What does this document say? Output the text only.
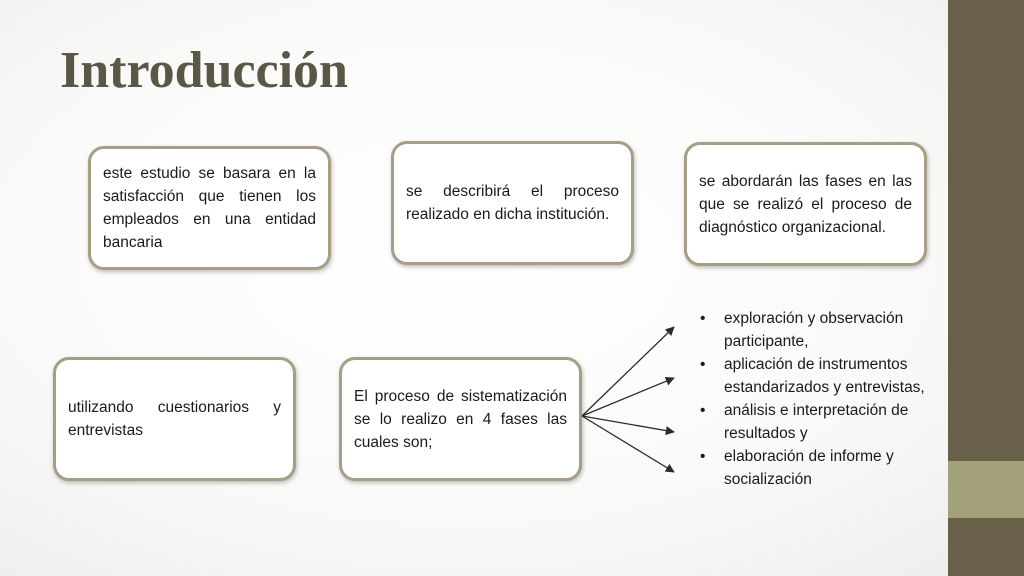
Introducción

este estudio se basara en la satisfacción que tienen los empleados en una entidad bancaria

se describirá el proceso realizado en dicha institución.

se abordarán las fases en las que se realizó el proceso de diagnóstico organizacional.

utilizando cuestionarios y entrevistas

El proceso de sistematización se lo realizo en 4 fases las cuales son;

• exploración y observación participante,
• aplicación de instrumentos estandarizados y entrevistas,
• análisis e interpretación de resultados y
• elaboración de informe y socialización
